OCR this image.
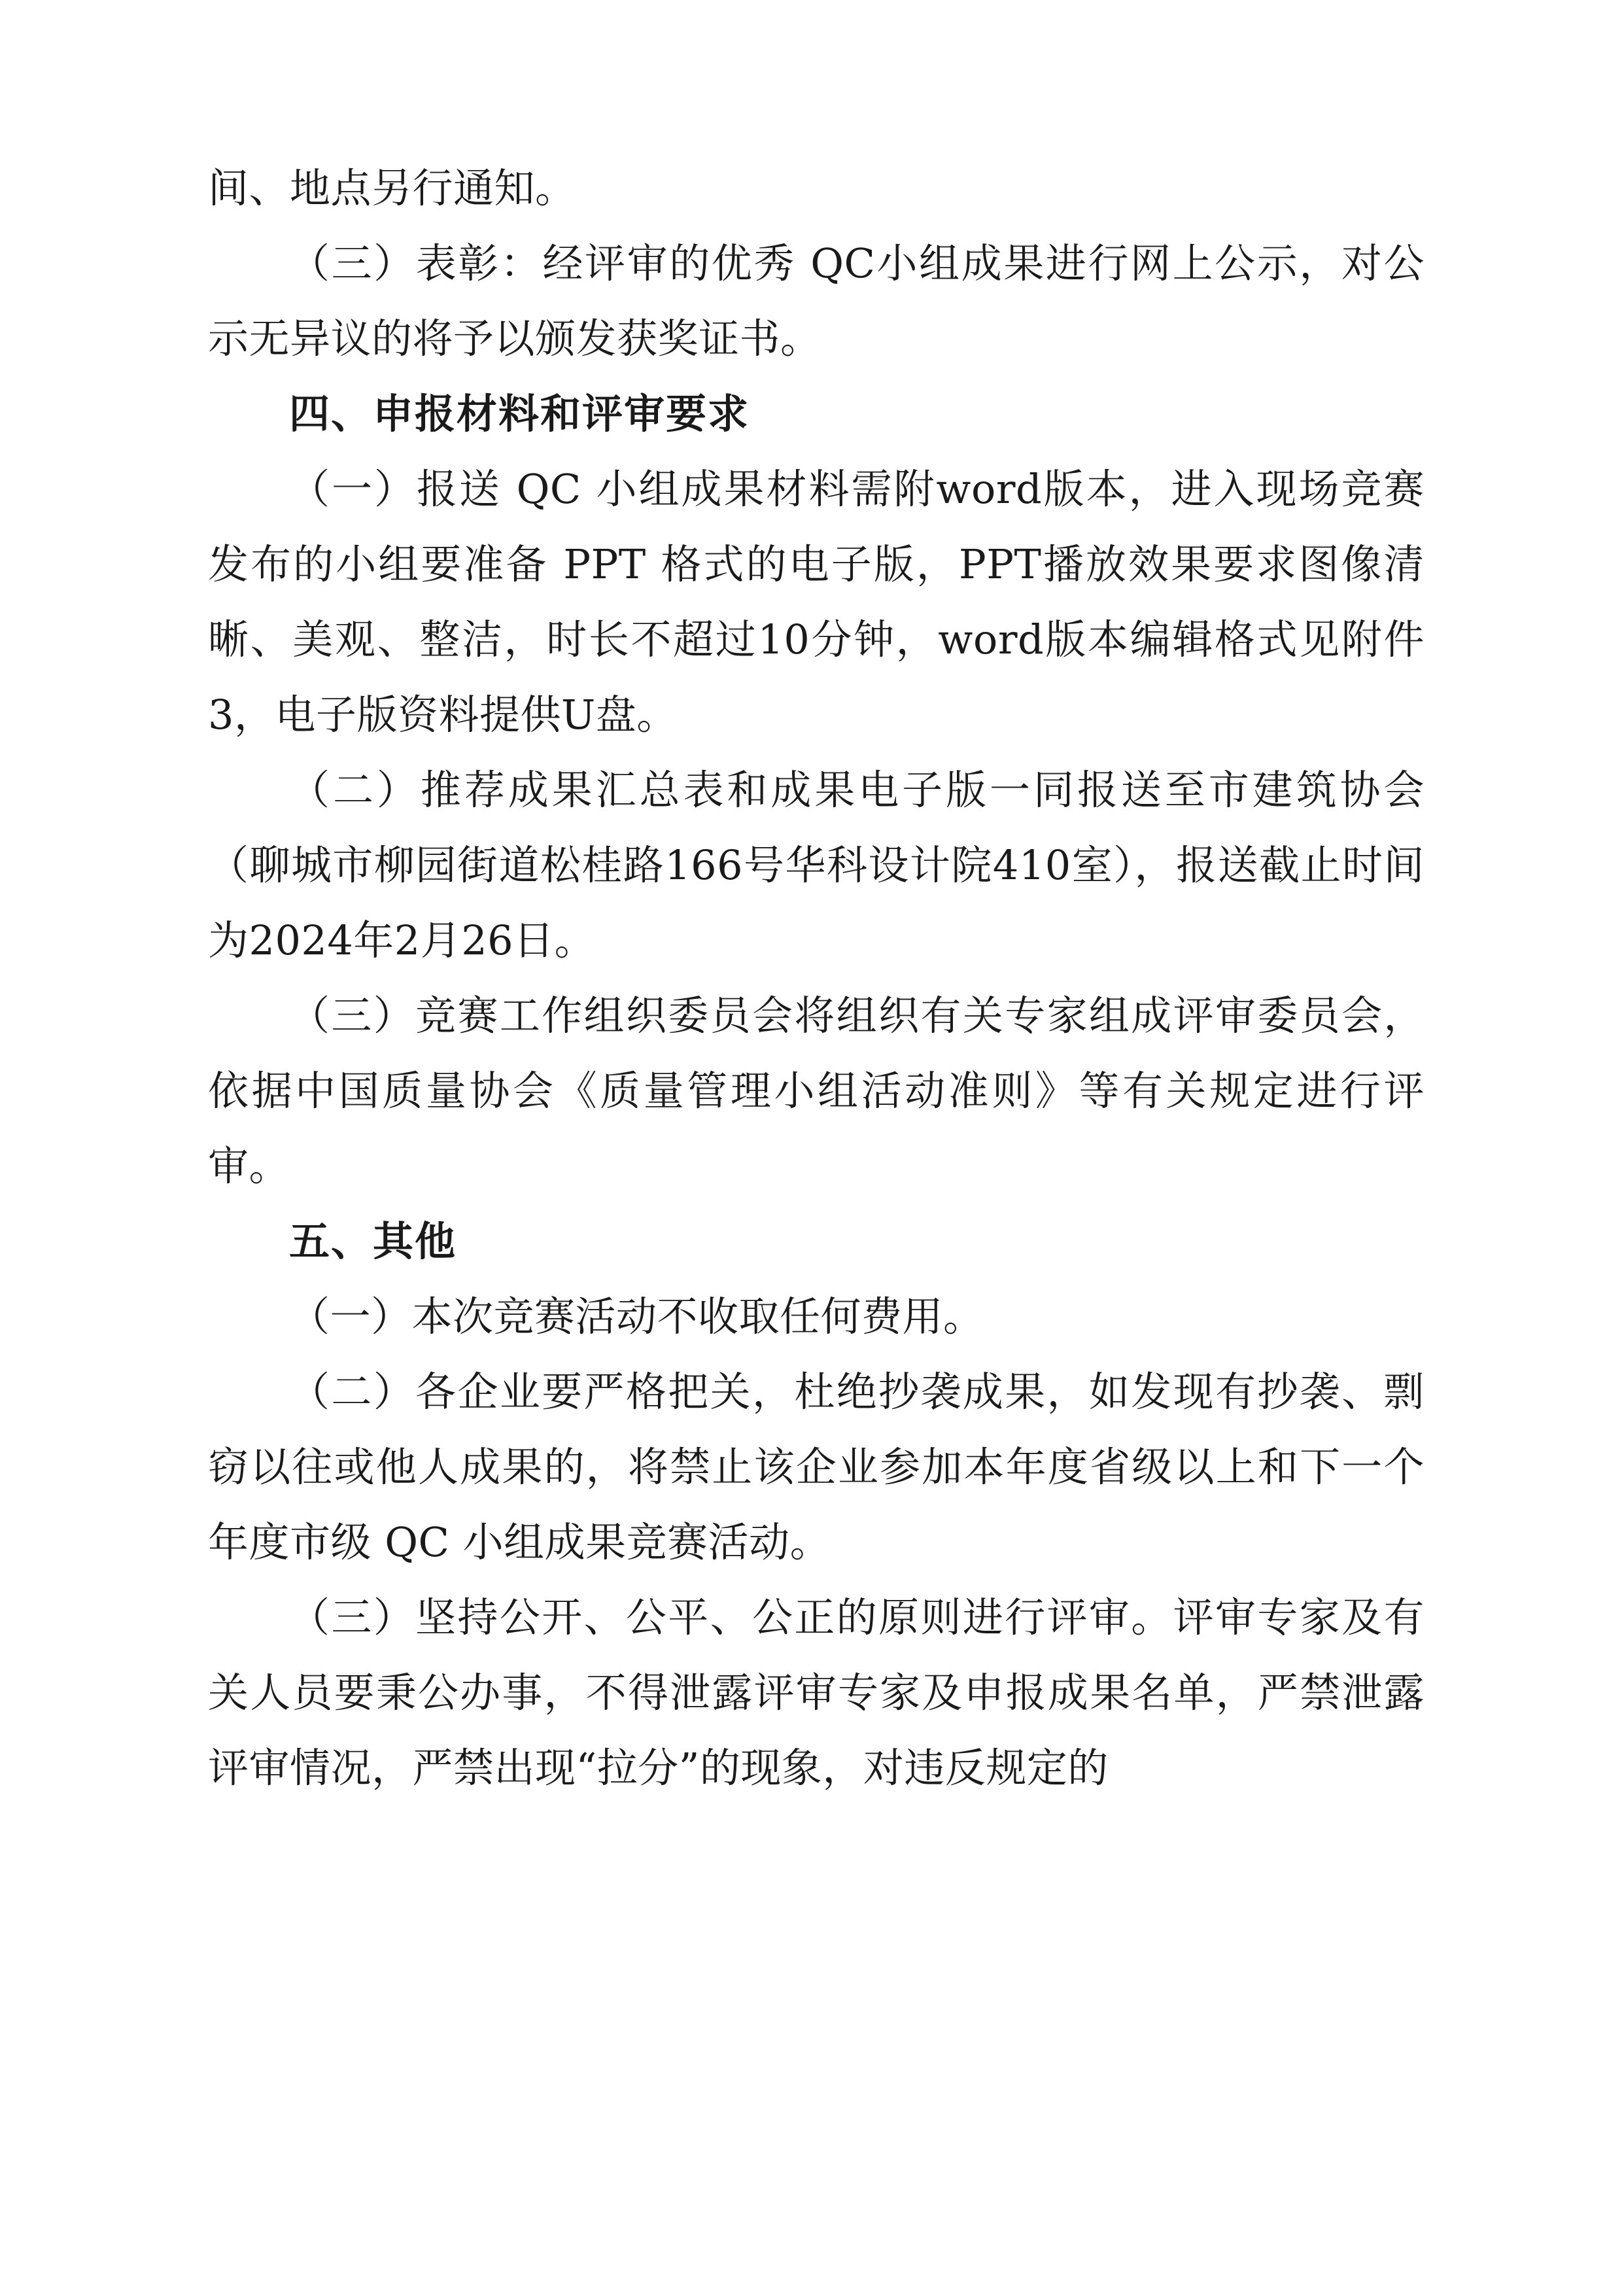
间、地点另行通知。

（三）表彰：经评审的优秀 QC小组成果进行网上公示，对公示无异议的将予以颁发获奖证书。

四、申报材料和评审要求

（一）报送 QC 小组成果材料需附word版本，进入现场竞赛发布的小组要准备 PPT 格式的电子版，PPT播放效果要求图像清晰、美观、整洁，时长不超过10分钟，word版本编辑格式见附件3，电子版资料提供U盘。

（二）推荐成果汇总表和成果电子版一同报送至市建筑协会（聊城市柳园街道松桂路166号华科设计院410室），报送截止时间为2024年2月26日。

（三）竞赛工作组织委员会将组织有关专家组成评审委员会，依据中国质量协会《质量管理小组活动准则》等有关规定进行评审。

五、其他

（一）本次竞赛活动不收取任何费用。

（二）各企业要严格把关，杜绝抄袭成果，如发现有抄袭、剽窃以往或他人成果的，将禁止该企业参加本年度省级以上和下一个年度市级 QC 小组成果竞赛活动。

（三）坚持公开、公平、公正的原则进行评审。评审专家及有关人员要秉公办事，不得泄露评审专家及申报成果名单，严禁泄露评审情况，严禁出现“拉分”的现象，对违反规定的
